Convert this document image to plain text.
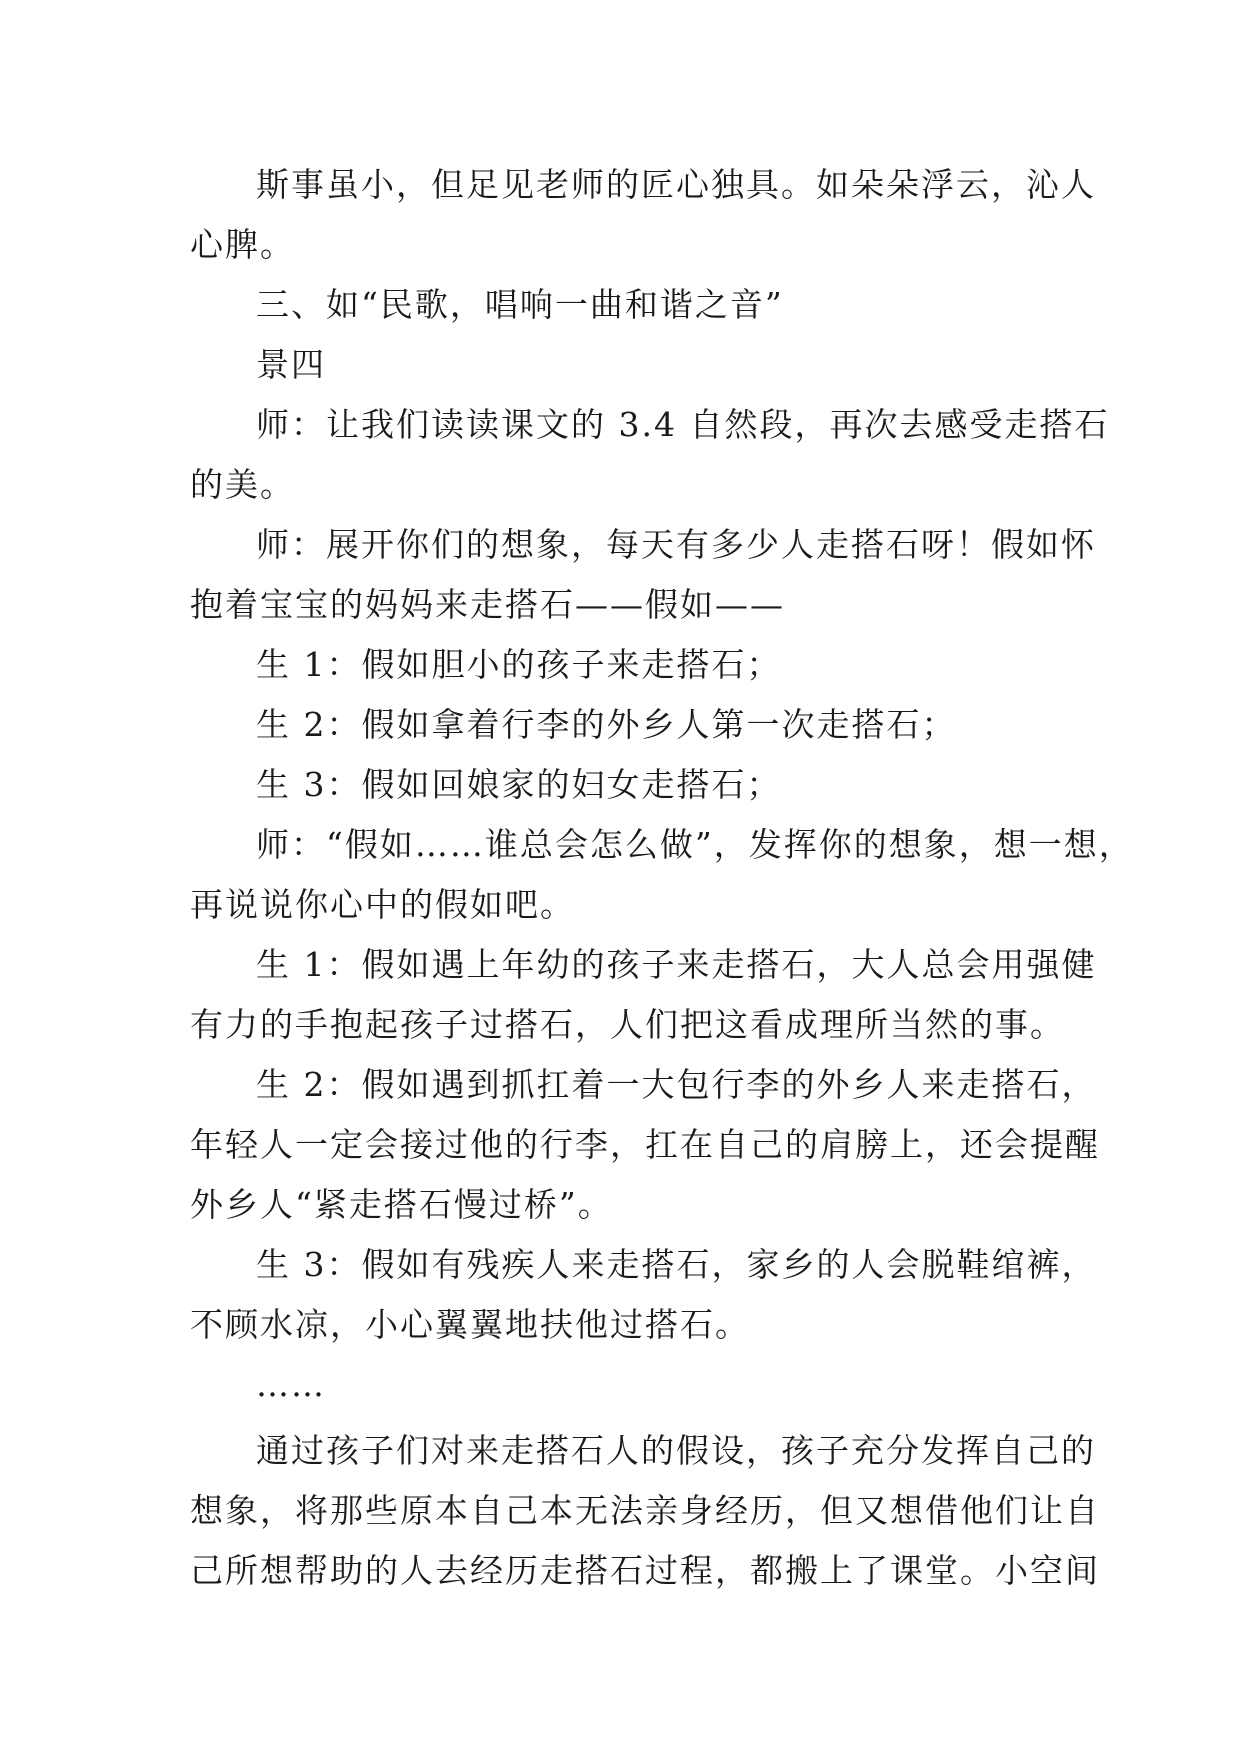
斯事虽小，但足见老师的匠心独具。如朵朵浮云，沁人
心脾。

三、如“民歌，唱响一曲和谐之音”

景四

师：让我们读读课文的 3.4 自然段，再次去感受走搭石
的美。

师：展开你们的想象，每天有多少人走搭石呀！假如怀
抱着宝宝的妈妈来走搭石——假如——

生 1：假如胆小的孩子来走搭石；

生 2：假如拿着行李的外乡人第一次走搭石；

生 3：假如回娘家的妇女走搭石；

师：“假如……谁总会怎么做”，发挥你的想象，想一想，
再说说你心中的假如吧。

生 1：假如遇上年幼的孩子来走搭石，大人总会用强健
有力的手抱起孩子过搭石，人们把这看成理所当然的事。

生 2：假如遇到抓扛着一大包行李的外乡人来走搭石，
年轻人一定会接过他的行李，扛在自己的肩膀上，还会提醒
外乡人“紧走搭石慢过桥”。

生 3：假如有残疾人来走搭石，家乡的人会脱鞋绾裤，
不顾水凉，小心翼翼地扶他过搭石。

……

通过孩子们对来走搭石人的假设，孩子充分发挥自己的
想象，将那些原本自己本无法亲身经历，但又想借他们让自
己所想帮助的人去经历走搭石过程，都搬上了课堂。小空间
